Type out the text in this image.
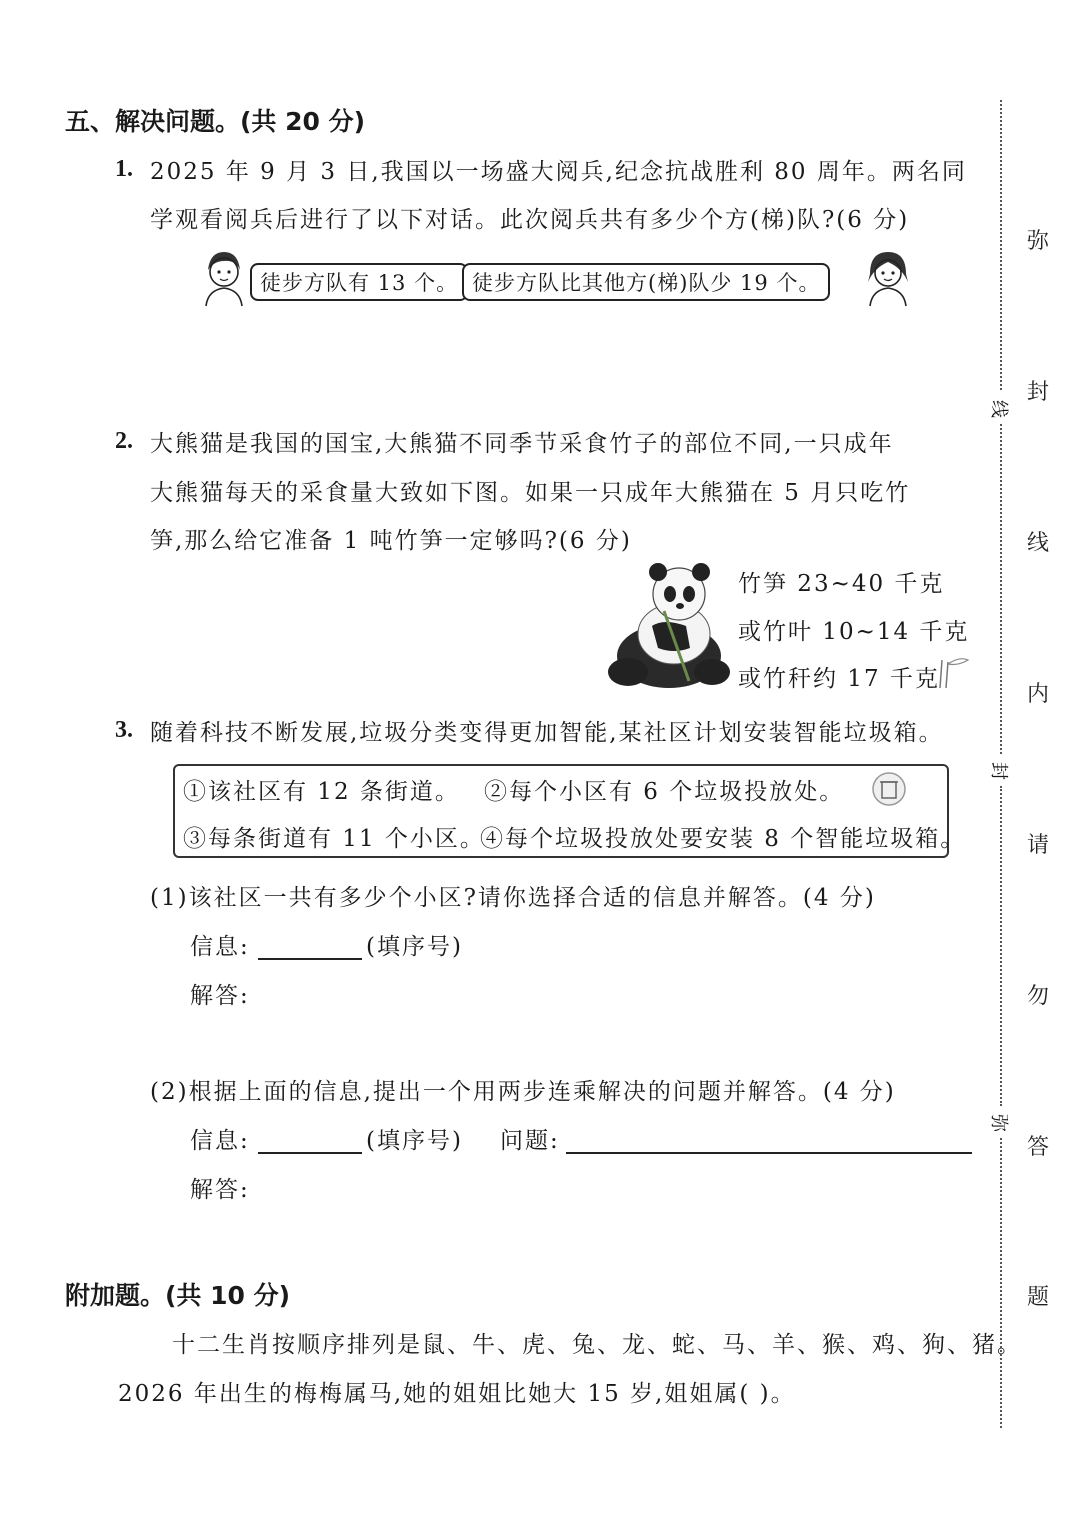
五、解决问题。(共 20 分)
1. 2025 年 9 月 3 日,我国以一场盛大阅兵,纪念抗战胜利 80 周年。两名同
学观看阅兵后进行了以下对话。此次阅兵共有多少个方(梯)队?(6 分)
徒步方队有 13 个。 徒步方队比其他方(梯)队少 19 个。
2. 大熊猫是我国的国宝,大熊猫不同季节采食竹子的部位不同,一只成年
大熊猫每天的采食量大致如下图。如果一只成年大熊猫在 5 月只吃竹
笋,那么给它准备 1 吨竹笋一定够吗?(6 分)
竹笋 23~40 千克
或竹叶 10~14 千克
或竹秆约 17 千克
3. 随着科技不断发展,垃圾分类变得更加智能,某社区计划安装智能垃圾箱。
①该社区有 12 条街道。 ②每个小区有 6 个垃圾投放处。
③每条街道有 11 个小区。
④每个垃圾投放处要安装 8 个智能垃圾箱。
(1)该社区一共有多少个小区?请你选择合适的信息并解答。(4 分)
信息:	(填序号)
解答:
(2)根据上面的信息,提出一个用两步连乘解决的问题并解答。(4 分)
信息:	(填序号) 问题:
解答:
附加题。(共 10 分)
十二生肖按顺序排列是鼠、牛、虎、兔、龙、蛇、马、羊、猴、鸡、狗、猪。
2026 年出生的梅梅属马,她的姐姐比她大 15 岁,姐姐属( )。
线
封
弥
弥
封
线
内
请
勿
答
题
